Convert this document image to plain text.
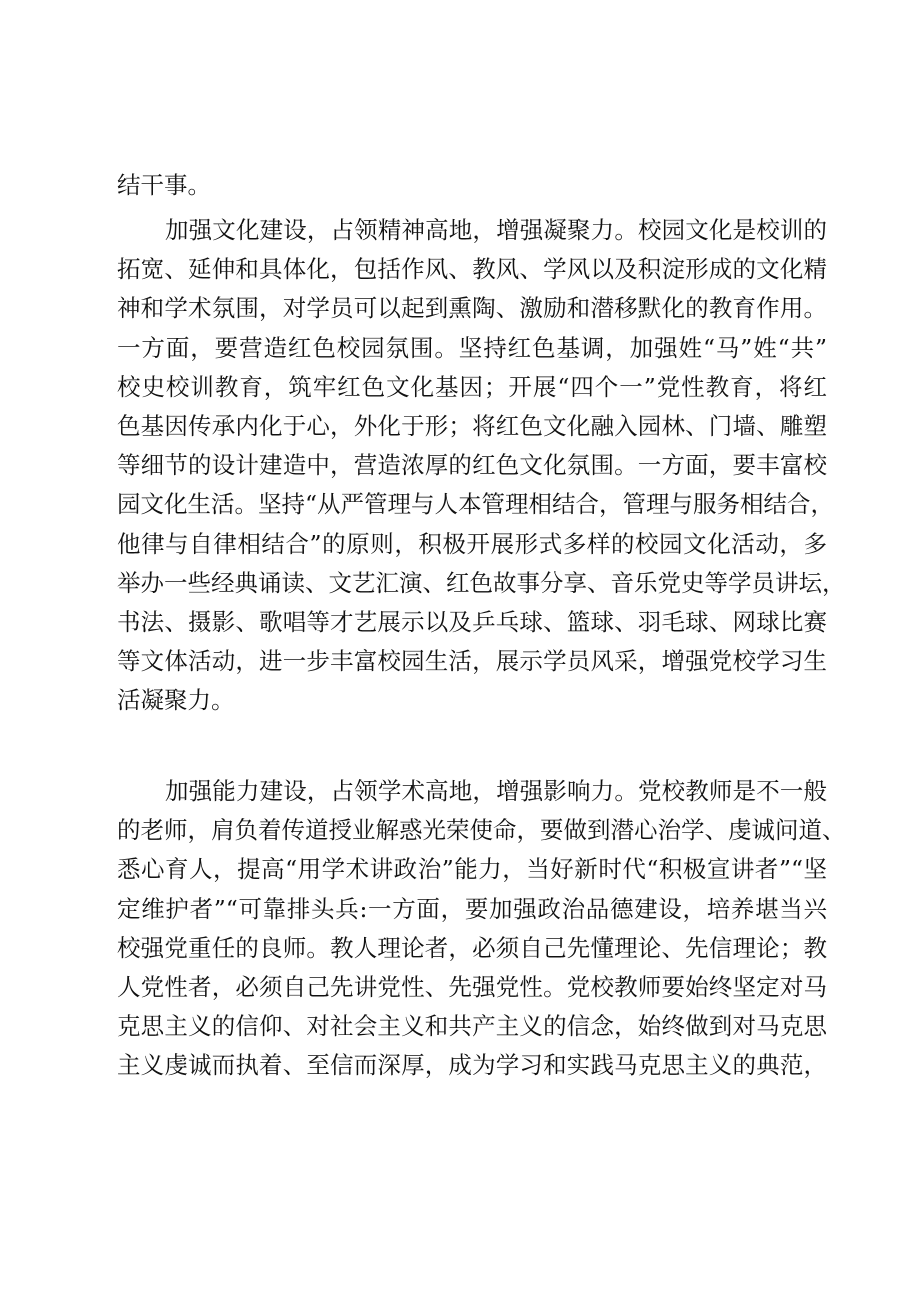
结干事。
加强文化建设，占领精神高地，增强凝聚力。校园文化是校训的
拓宽、延伸和具体化，包括作风、教风、学风以及积淀形成的文化精
神和学术氛围，对学员可以起到熏陶、激励和潜移默化的教育作用。
一方面，要营造红色校园氛围。坚持红色基调，加强姓“马”姓“共”
校史校训教育，筑牢红色文化基因；开展“四个一”党性教育，将红
色基因传承内化于心，外化于形；将红色文化融入园林、门墙、雕塑
等细节的设计建造中，营造浓厚的红色文化氛围。一方面，要丰富校
园文化生活。坚持“从严管理与人本管理相结合，管理与服务相结合，
他律与自律相结合”的原则，积极开展形式多样的校园文化活动，多
举办一些经典诵读、文艺汇演、红色故事分享、音乐党史等学员讲坛，
书法、摄影、歌唱等才艺展示以及乒乓球、篮球、羽毛球、网球比赛
等文体活动，进一步丰富校园生活，展示学员风采，增强党校学习生
活凝聚力。
加强能力建设，占领学术高地，增强影响力。党校教师是不一般
的老师，肩负着传道授业解惑光荣使命，要做到潜心治学、虔诚问道、
悉心育人，提高“用学术讲政治”能力，当好新时代“积极宣讲者”“坚
定维护者”“可靠排头兵:一方面，要加强政治品德建设，培养堪当兴
校强党重任的良师。教人理论者，必须自己先懂理论、先信理论；教
人党性者，必须自己先讲党性、先强党性。党校教师要始终坚定对马
克思主义的信仰、对社会主义和共产主义的信念，始终做到对马克思
主义虔诚而执着、至信而深厚，成为学习和实践马克思主义的典范，
